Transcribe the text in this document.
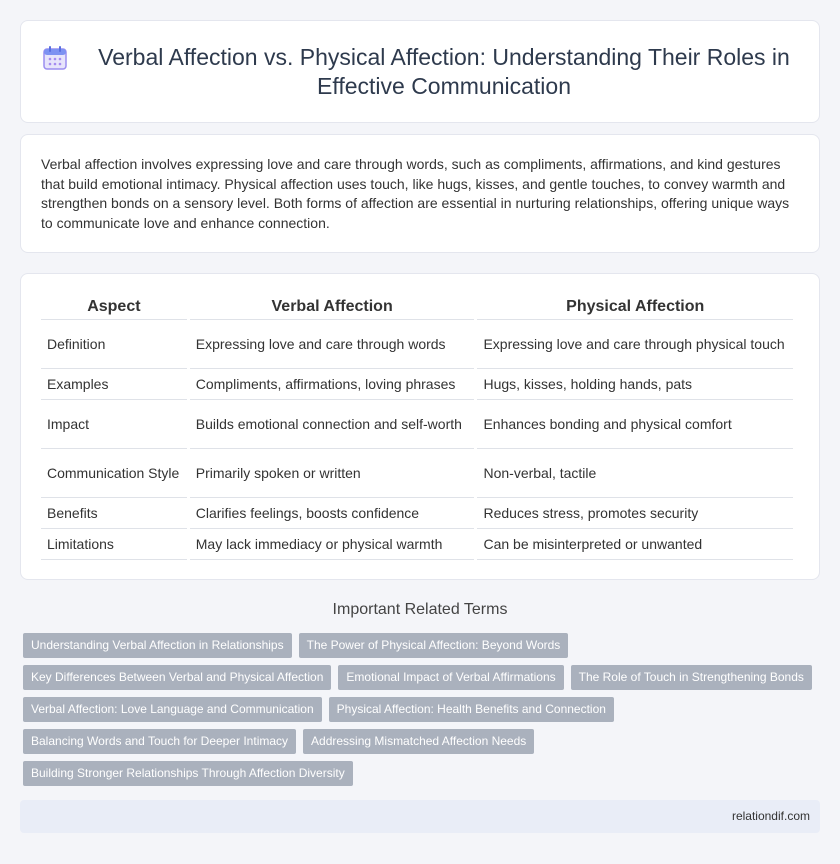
Verbal Affection vs. Physical Affection: Understanding Their Roles in Effective Communication

Verbal affection involves expressing love and care through words, such as compliments, affirmations, and kind gestures that build emotional intimacy. Physical affection uses touch, like hugs, kisses, and gentle touches, to convey warmth and strengthen bonds on a sensory level. Both forms of affection are essential in nurturing relationships, offering unique ways to communicate love and enhance connection.

Aspect	Verbal Affection	Physical Affection
Definition	Expressing love and care through words	Expressing love and care through physical touch
Examples	Compliments, affirmations, loving phrases	Hugs, kisses, holding hands, pats
Impact	Builds emotional connection and self-worth	Enhances bonding and physical comfort
Communication Style	Primarily spoken or written	Non-verbal, tactile
Benefits	Clarifies feelings, boosts confidence	Reduces stress, promotes security
Limitations	May lack immediacy or physical warmth	Can be misinterpreted or unwanted
Important Related Terms
Understanding Verbal Affection in Relationships	The Power of Physical Affection: Beyond Words
Key Differences Between Verbal and Physical Affection	Emotional Impact of Verbal Affirmations	The Role of Touch in Strengthening Bonds
Verbal Affection: Love Language and Communication	Physical Affection: Health Benefits and Connection
Balancing Words and Touch for Deeper Intimacy	Addressing Mismatched Affection Needs
Building Stronger Relationships Through Affection Diversity
relationdif.com
